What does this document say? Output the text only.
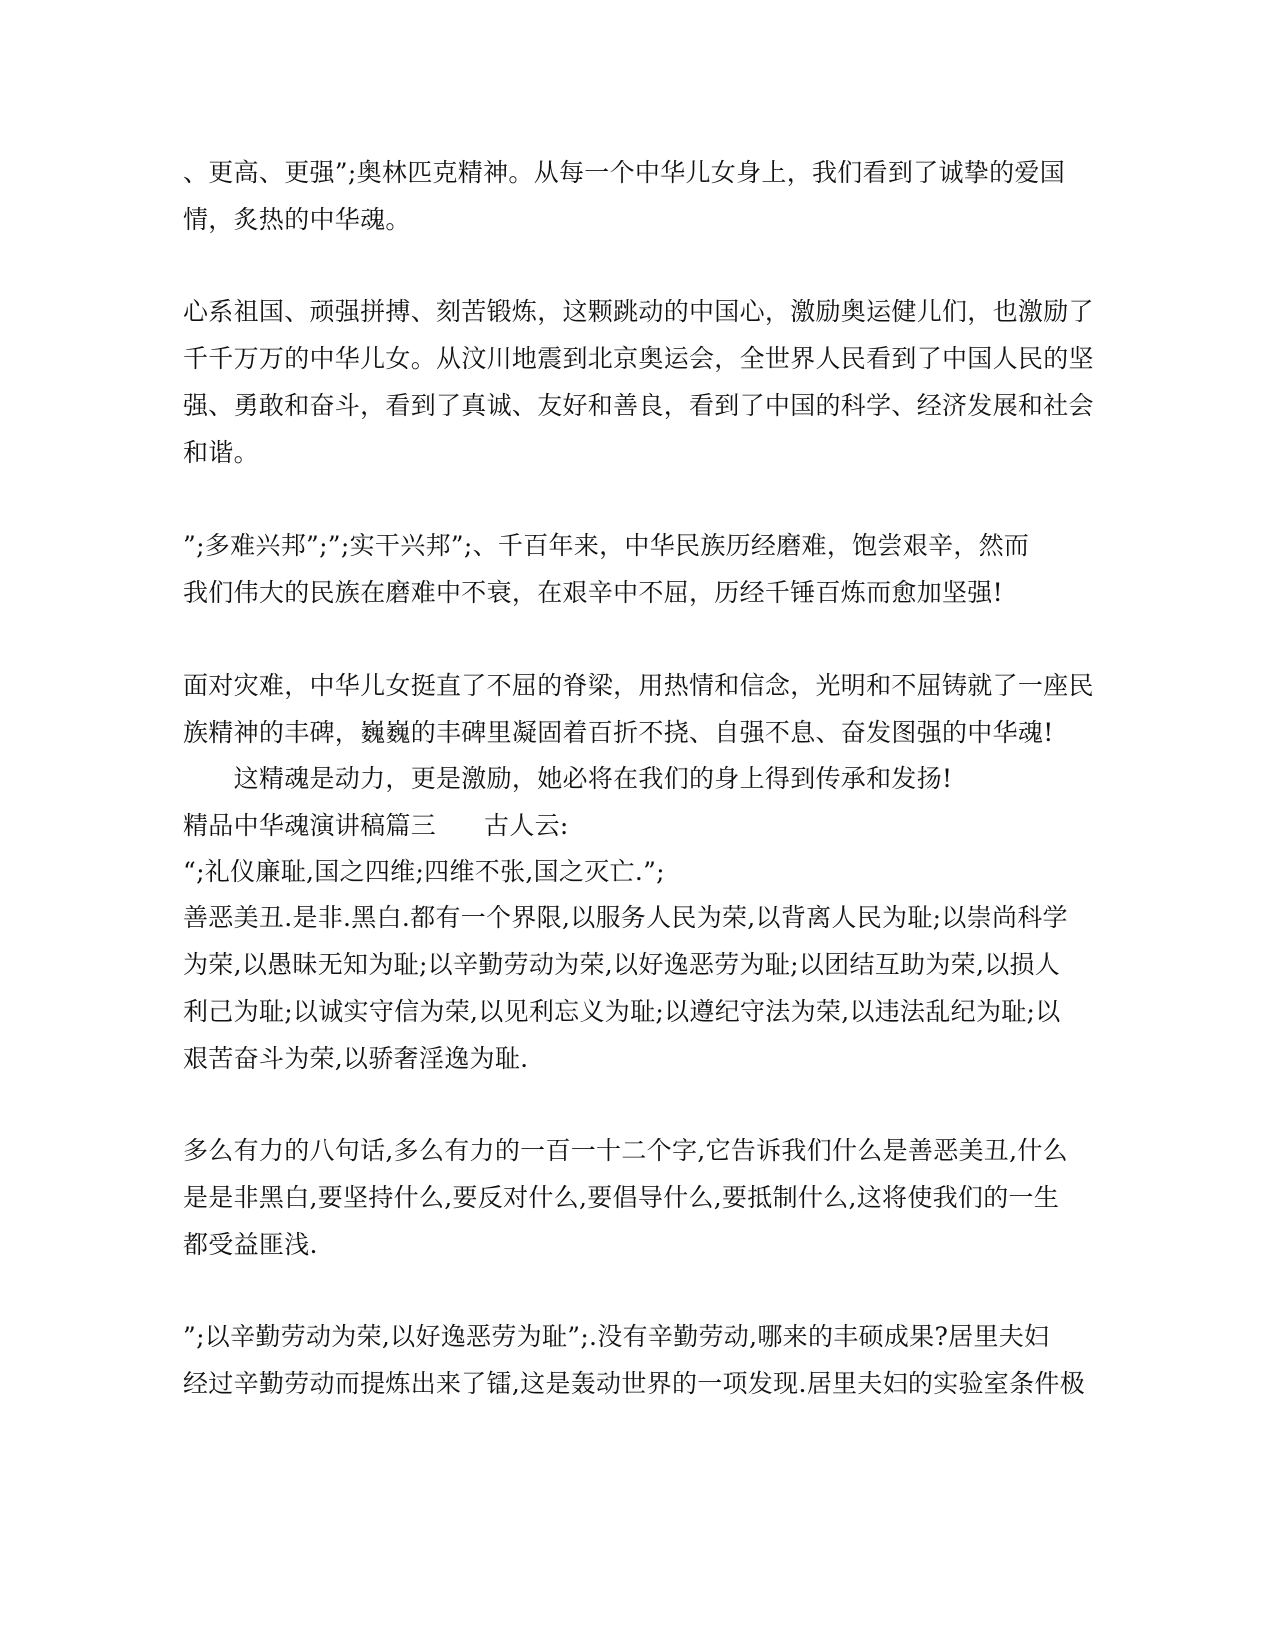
、更高、更强”;奥林匹克精神。从每一个中华儿女身上，我们看到了诚挚的爱国
情，炙热的中华魂。
心系祖国、顽强拼搏、刻苦锻炼，这颗跳动的中国心，激励奥运健儿们，也激励了
千千万万的中华儿女。从汶川地震到北京奥运会，全世界人民看到了中国人民的坚
强、勇敢和奋斗，看到了真诚、友好和善良，看到了中国的科学、经济发展和社会
和谐。
”;多难兴邦”;”;实干兴邦”;、千百年来，中华民族历经磨难，饱尝艰辛，然而
我们伟大的民族在磨难中不衰，在艰辛中不屈，历经千锤百炼而愈加坚强!
面对灾难，中华儿女挺直了不屈的脊梁，用热情和信念，光明和不屈铸就了一座民
族精神的丰碑，巍巍的丰碑里凝固着百折不挠、自强不息、奋发图强的中华魂!
　　这精魂是动力，更是激励，她必将在我们的身上得到传承和发扬!
精品中华魂演讲稿篇三 古人云:
“;礼仪廉耻,国之四维;四维不张,国之灭亡.”;
善恶美丑.是非.黑白.都有一个界限,以服务人民为荣,以背离人民为耻;以崇尚科学
为荣,以愚昧无知为耻;以辛勤劳动为荣,以好逸恶劳为耻;以团结互助为荣,以损人
利己为耻;以诚实守信为荣,以见利忘义为耻;以遵纪守法为荣,以违法乱纪为耻;以
艰苦奋斗为荣,以骄奢淫逸为耻.
多么有力的八句话,多么有力的一百一十二个字,它告诉我们什么是善恶美丑,什么
是是非黑白,要坚持什么,要反对什么,要倡导什么,要抵制什么,这将使我们的一生
都受益匪浅.
”;以辛勤劳动为荣,以好逸恶劳为耻”;.没有辛勤劳动,哪来的丰硕成果?居里夫妇
经过辛勤劳动而提炼出来了镭,这是轰动世界的一项发现.居里夫妇的实验室条件极
